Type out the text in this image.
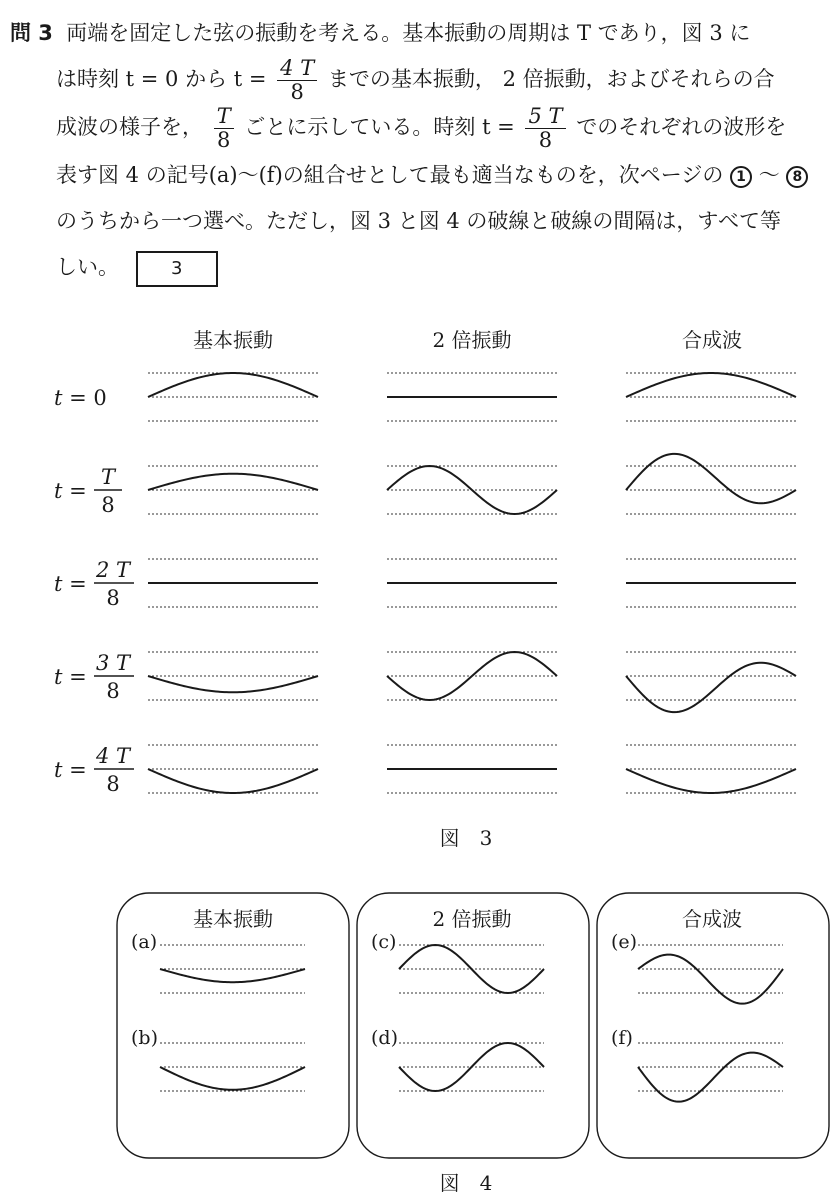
問 3 両端を固定した弦の振動を考える。基本振動の周期は T であり，図 3 に
は時刻 t = 0 から $t = \frac{4 T}{8}$ までの基本振動， 2 倍振動，およびそれらの合
成波の様子を， $\frac{T}{8}$ ごとに示している。時刻 $t = \frac{5 T}{8}$ でのそれぞれの波形を
表す図 4 の記号(a)〜(f)の組合せとして最も適当なものを，次ページの 1 〜 8
のうちから一つ選べ。ただし，図 3 と図 4 の破線と破線の間隔は，すべて等
しい。	3
基本振動	2 倍振動	合成波
t = 0
t =
T
8
t =
2 T
8
t =
3 T
8
t =
4 T
8
図　3
基本振動	2 倍振動	合成波
(a)
(b)
(c)
(d)
(e)
(f)
図　4
